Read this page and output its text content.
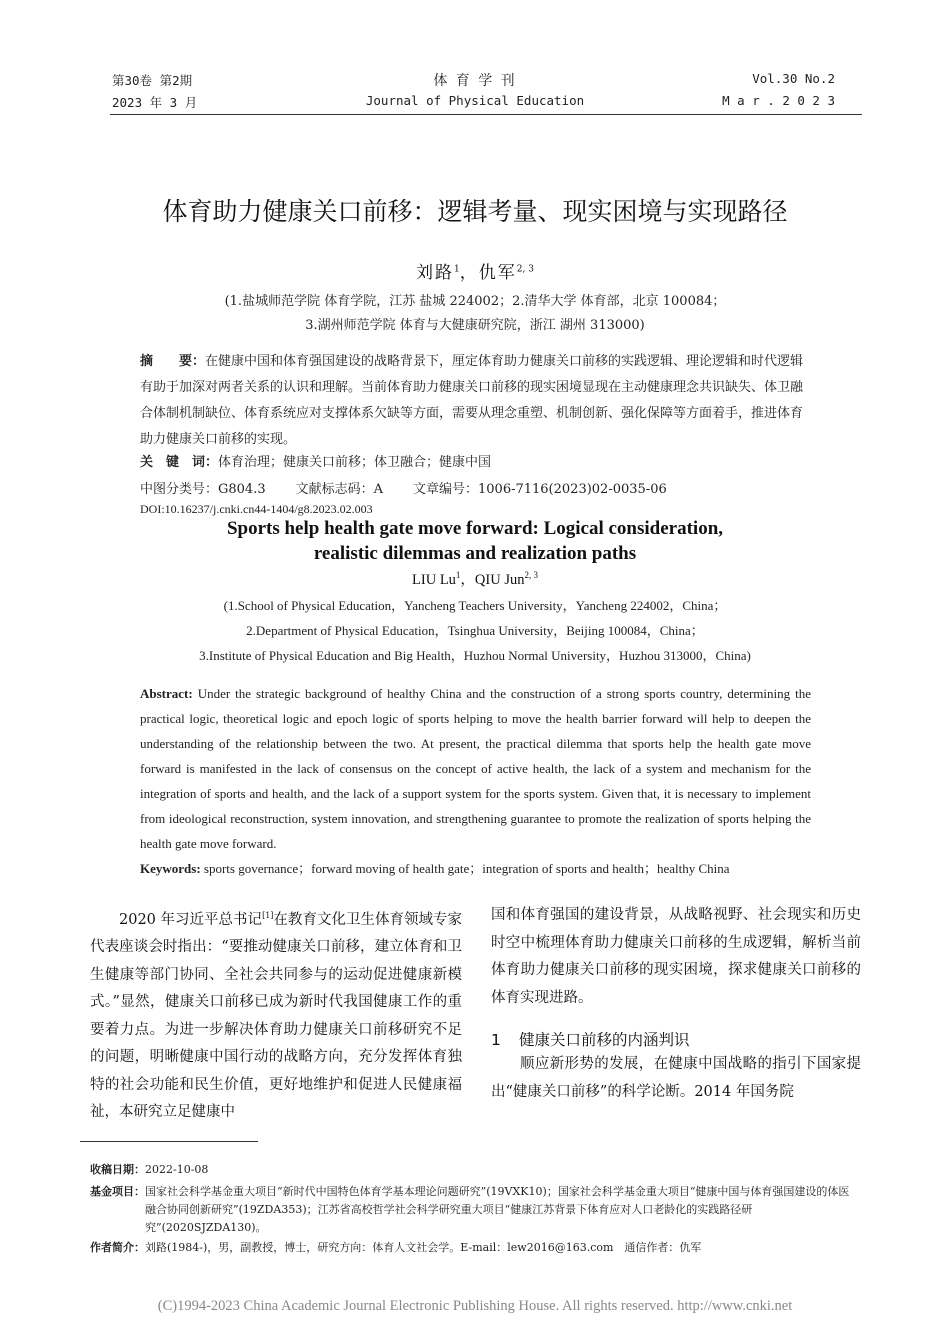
第30卷 第2期
2023 年 3 月
体 育 学 刊
Journal of Physical Education
Vol.30 No.2
M a r . 2 0 2 3
体育助力健康关口前移：逻辑考量、现实困境与实现路径
刘路$^1$，仇军$^{2, 3}$
(1.盐城师范学院 体育学院，江苏 盐城 224002；2.清华大学 体育部，北京 100084；
3.湖州师范学院 体育与大健康研究院，浙江 湖州 313000)
摘　　要：在健康中国和体育强国建设的战略背景下，厘定体育助力健康关口前移的实践逻辑、理论逻辑和时代逻辑有助于加深对两者关系的认识和理解。当前体育助力健康关口前移的现实困境显现在主动健康理念共识缺失、体卫融合体制机制缺位、体育系统应对支撑体系欠缺等方面，需要从理念重塑、机制创新、强化保障等方面着手，推进体育助力健康关口前移的实现。
关　键　词：体育治理；健康关口前移；体卫融合；健康中国
中图分类号：G804.3 文献标志码：A 文章编号：1006-7116(2023)02-0035-06
DOI:10.16237/j.cnki.cn44-1404/g8.2023.02.003
Sports help health gate move forward: Logical consideration,
realistic dilemmas and realization paths
LIU Lu$^1$，QIU Jun$^{2, 3}$
(1.School of Physical Education，Yancheng Teachers University，Yancheng 224002，China；
2.Department of Physical Education，Tsinghua University，Beijing 100084，China；
3.Institute of Physical Education and Big Health，Huzhou Normal University，Huzhou 313000，China)
Abstract: Under the strategic background of healthy China and the construction of a strong sports country, determining the practical logic, theoretical logic and epoch logic of sports helping to move the health barrier forward will help to deepen the understanding of the relationship between the two. At present, the practical dilemma that sports help the health gate move forward is manifested in the lack of consensus on the concept of active health, the lack of a system and mechanism for the integration of sports and health, and the lack of a support system for the sports system. Given that, it is necessary to implement from ideological reconstruction, system innovation, and strengthening guarantee to promote the realization of sports helping the health gate move forward.
Keywords: sports governance；forward moving of health gate；integration of sports and health；healthy China
2020 年习近平总书记[1]在教育文化卫生体育领域专家代表座谈会时指出：“要推动健康关口前移，建立体育和卫生健康等部门协同、全社会共同参与的运动促进健康新模式。”显然，健康关口前移已成为新时代我国健康工作的重要着力点。为进一步解决体育助力健康关口前移研究不足的问题，明晰健康中国行动的战略方向，充分发挥体育独特的社会功能和民生价值，更好地维护和促进人民健康福祉，本研究立足健康中
国和体育强国的建设背景，从战略视野、社会现实和历史时空中梳理体育助力健康关口前移的生成逻辑，解析当前体育助力健康关口前移的现实困境，探求健康关口前移的体育实现进路。
1 健康关口前移的内涵判识
顺应新形势的发展，在健康中国战略的指引下国家提出“健康关口前移”的科学论断。2014 年国务院
收稿日期：2022-10-08
基金项目： 国家社会科学基金重大项目“新时代中国特色体育学基本理论问题研究”(19VXK10)；国家社会科学基金重大项目“健康中国与体育强国建设的体医融合协同创新研究”(19ZDA353)；江苏省高校哲学社会科学研究重大项目“健康江苏背景下体育应对人口老龄化的实践路径研究”(2020SJZDA130)。
作者简介：刘路(1984-)，男，副教授，博士，研究方向：体育人文社会学。E-mail：lew2016@163.com　通信作者：仇军
(C)1994-2023 China Academic Journal Electronic Publishing House. All rights reserved. http://www.cnki.net
